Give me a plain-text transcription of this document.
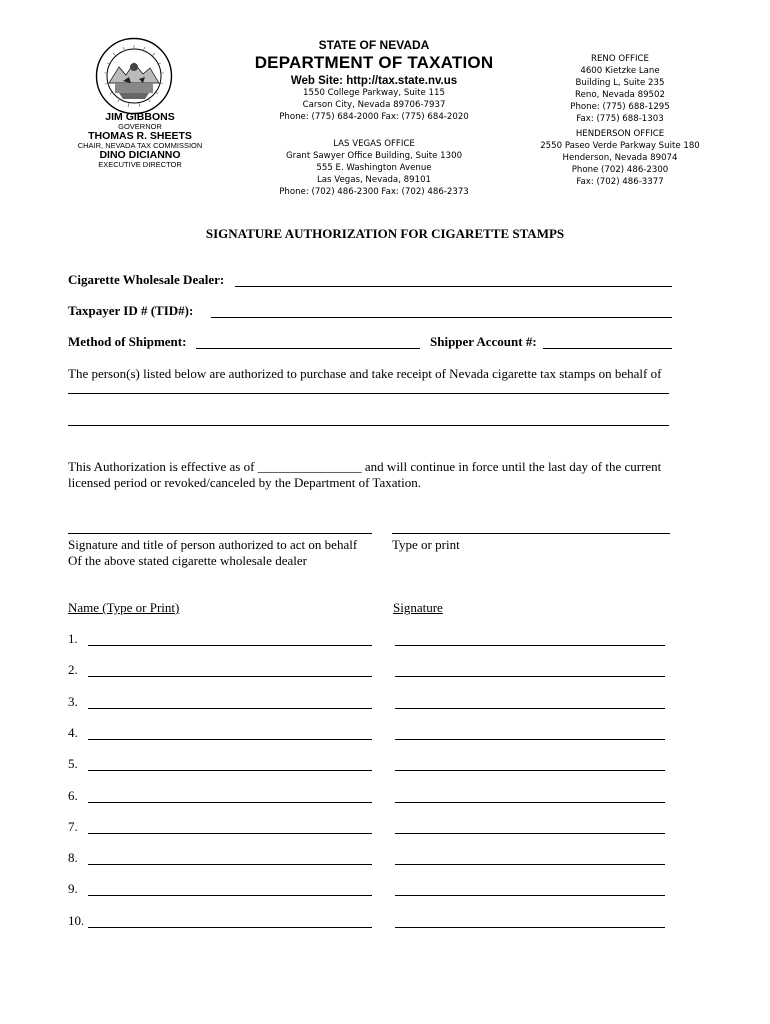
JIM GIBBONS
GOVERNOR
THOMAS R. SHEETS
CHAIR, NEVADA TAX COMMISSION
DINO DICIANNO
EXECUTIVE DIRECTOR
STATE OF NEVADA
DEPARTMENT OF TAXATION
Web Site: http://tax.state.nv.us
1550 College Parkway, Suite 115
Carson City, Nevada 89706-7937
Phone: (775) 684-2000 Fax: (775) 684-2020
LAS VEGAS OFFICE
Grant Sawyer Office Building, Suite 1300
555 E. Washington Avenue
Las Vegas, Nevada, 89101
Phone: (702) 486-2300 Fax: (702) 486-2373
RENO OFFICE
4600 Kietzke Lane
Building L, Suite 235
Reno, Nevada 89502
Phone: (775) 688-1295
Fax: (775) 688-1303
HENDERSON OFFICE
2550 Paseo Verde Parkway Suite 180
Henderson, Nevada 89074
Phone (702) 486-2300
Fax: (702) 486-3377
SIGNATURE AUTHORIZATION FOR CIGARETTE STAMPS
Cigarette Wholesale Dealer:
Taxpayer ID # (TID#):
Method of Shipment:	Shipper Account #:
The person(s) listed below are authorized to purchase and take receipt of Nevada cigarette tax stamps on behalf of
This Authorization is effective as of ________________ and will continue in force until the last day of the current
licensed period or revoked/canceled by the Department of Taxation.
Signature and title of person authorized to act on behalf
Of the above stated cigarette wholesale dealer
Type or print
Name (Type or Print)	Signature
1.
2.
3.
4.
5.
6.
7.
8.
9.
10.
